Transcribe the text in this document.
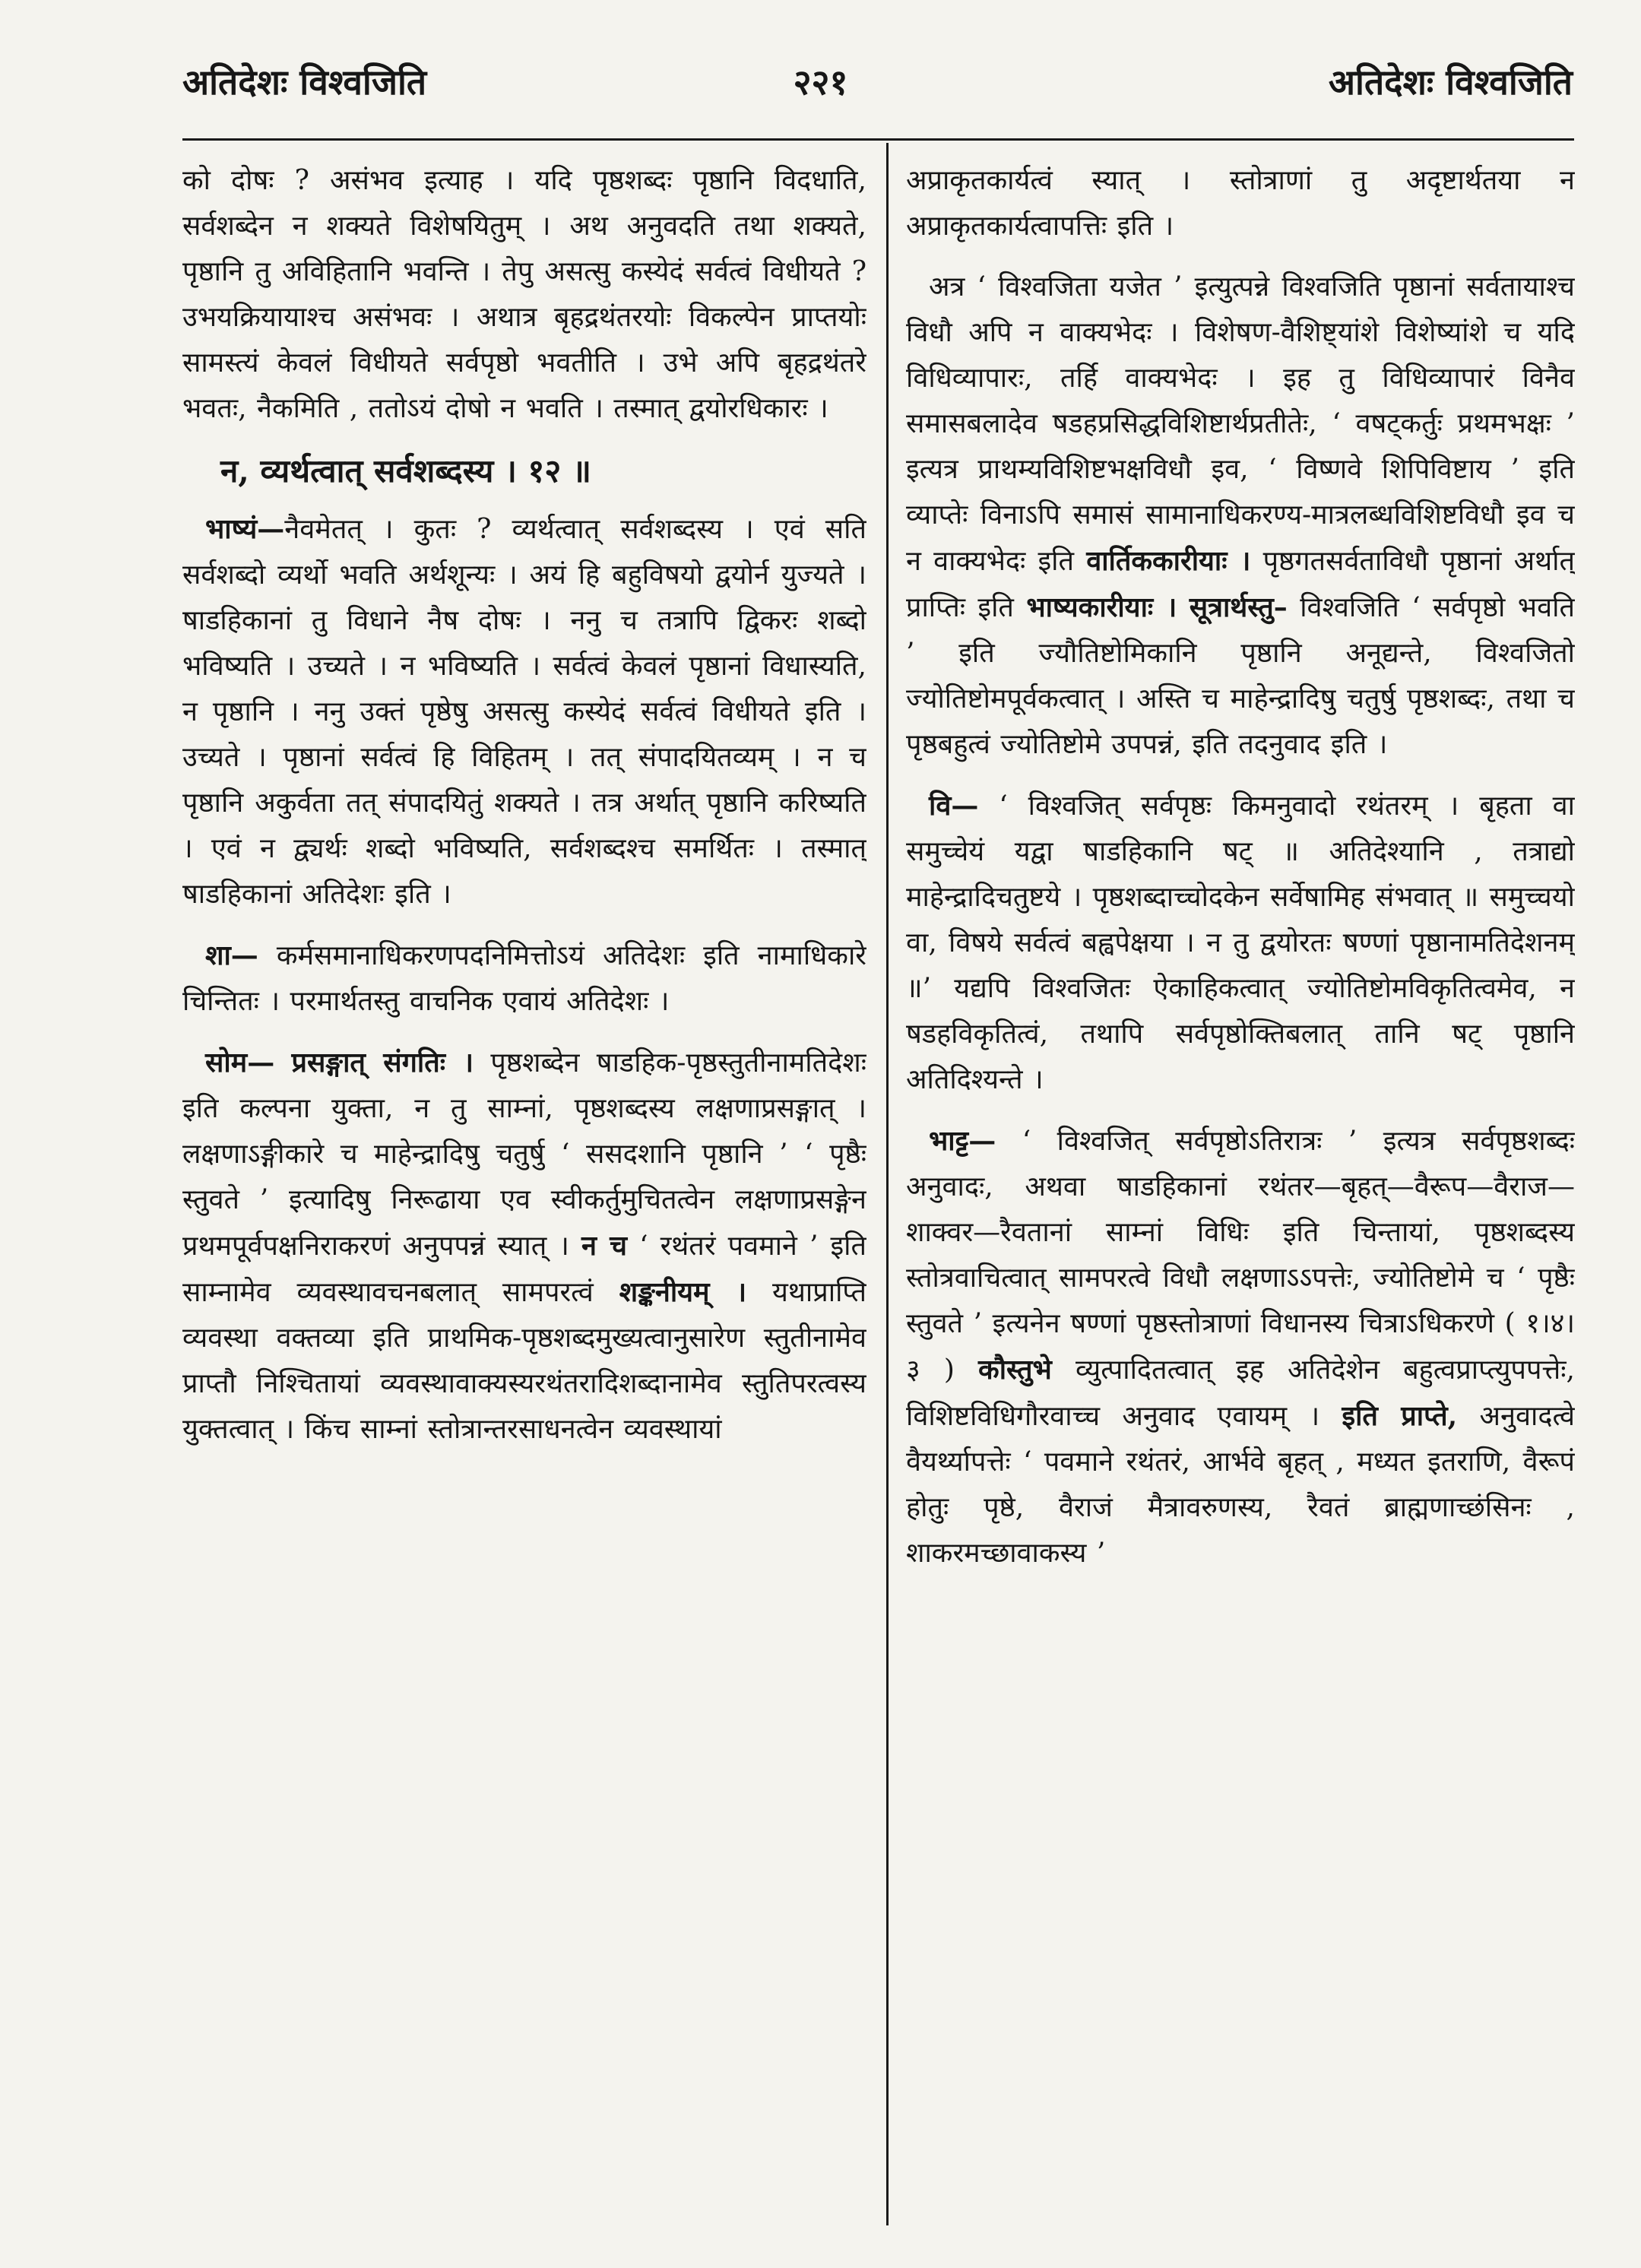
अतिदेशः विश्वजिति	२२१	अतिदेशः विश्वजिति

को दोषः ? असंभव इत्याह । यदि पृष्ठशब्दः पृष्ठानि विदधाति, सर्वशब्देन न शक्यते विशेषयितुम् । अथ अनुवदति तथा शक्यते, पृष्ठानि तु अविहितानि भवन्ति । तेपु असत्सु कस्येदं सर्वत्वं विधीयते ? उभयक्रियायाश्च असंभवः । अथात्र बृहद्रथंतरयोः विकल्पेन प्राप्तयोः सामस्त्यं केवलं विधीयते सर्वपृष्ठो भवतीति । उभे अपि बृहद्रथंतरे भवतः, नैकमिति , ततोऽयं दोषो न भवति । तस्मात् द्वयोरधिकारः ।

न, व्यर्थत्वात् सर्वशब्दस्य । १२ ॥

भाष्यं—नैवमेतत् । कुतः ? व्यर्थत्वात् सर्वशब्दस्य । एवं सति सर्वशब्दो व्यर्थो भवति अर्थशून्यः । अयं हि बहुविषयो द्वयोर्न युज्यते । षाडहिकानां तु विधाने नैष दोषः । ननु च तत्रापि द्विकरः शब्दो भविष्यति । उच्यते । न भविष्यति । सर्वत्वं केवलं पृष्ठानां विधास्यति, न पृष्ठानि । ननु उक्तं पृष्ठेषु असत्सु कस्येदं सर्वत्वं विधीयते इति । उच्यते । पृष्ठानां सर्वत्वं हि विहितम् । तत् संपादयितव्यम् । न च पृष्ठानि अकुर्वता तत् संपादयितुं शक्यते । तत्र अर्थात् पृष्ठानि करिष्यति । एवं न द्व्यर्थः शब्दो भविष्यति, सर्वशब्दश्च समर्थितः । तस्मात् षाडहिकानां अतिदेशः इति ।

शा— कर्मसमानाधिकरणपदनिमित्तोऽयं अतिदेशः इति नामाधिकारे चिन्तितः । परमार्थतस्तु वाचनिक एवायं अतिदेशः ।

सोम— प्रसङ्गात् संगतिः । पृष्ठशब्देन षाडहिक-पृष्ठस्तुतीनामतिदेशः इति कल्पना युक्ता, न तु साम्नां, पृष्ठशब्दस्य लक्षणाप्रसङ्गात् । लक्षणाऽङ्गीकारे च माहेन्द्रादिषु चतुर्षु ‘ ससदशानि पृष्ठानि ’ ‘ पृष्ठैः स्तुवते ’ इत्यादिषु निरूढाया एव स्वीकर्तुमुचितत्वेन लक्षणाप्रसङ्गेन प्रथमपूर्वपक्षनिराकरणं अनुपपन्नं स्यात् । न च ‘ रथंतरं पवमाने ’ इति साम्नामेव व्यवस्थावचनबलात् सामपरत्वं शङ्कनीयम् । यथाप्राप्ति व्यवस्था वक्तव्या इति प्राथमिक-पृष्ठशब्दमुख्यत्वानुसारेण स्तुतीनामेव प्राप्तौ निश्चितायां व्यवस्थावाक्यस्यरथंतरादिशब्दानामेव स्तुतिपरत्वस्य युक्तत्वात् । किंच साम्नां स्तोत्रान्तरसाधनत्वेन व्यवस्थायां

अप्राकृतकार्यत्वं स्यात् । स्तोत्राणां तु अदृष्टार्थतया न अप्राकृतकार्यत्वापत्तिः इति ।

अत्र ‘ विश्वजिता यजेत ’ इत्युत्पन्ने विश्वजिति पृष्ठानां सर्वतायाश्च विधौ अपि न वाक्यभेदः । विशेषण-वैशिष्ट्यांशे विशेष्यांशे च यदि विधिव्यापारः, तर्हि वाक्यभेदः । इह तु विधिव्यापारं विनैव समासबलादेव षडहप्रसिद्धविशिष्टार्थप्रतीतेः, ‘ वषट्कर्तुः प्रथमभक्षः ’ इत्यत्र प्राथम्यविशिष्टभक्षविधौ इव, ‘ विष्णवे शिपिविष्टाय ’ इति व्याप्तेः विनाऽपि समासं सामानाधिकरण्य-मात्रलब्धविशिष्टविधौ इव च न वाक्यभेदः इति वार्तिककारीयाः । पृष्ठगतसर्वताविधौ पृष्ठानां अर्थात् प्राप्तिः इति भाष्यकारीयाः । सूत्रार्थस्तु– विश्वजिति ‘ सर्वपृष्ठो भवति ’ इति ज्यौतिष्टोमिकानि पृष्ठानि अनूद्यन्ते, विश्वजितो ज्योतिष्टोमपूर्वकत्वात् । अस्ति च माहेन्द्रादिषु चतुर्षु पृष्ठशब्दः, तथा च पृष्ठबहुत्वं ज्योतिष्टोमे उपपन्नं, इति तदनुवाद इति ।

वि— ‘ विश्वजित् सर्वपृष्ठः किमनुवादो रथंतरम् । बृहता वा समुच्चेयं यद्वा षाडहिकानि षट् ॥ अतिदेश्यानि , तत्राद्यो माहेन्द्रादिचतुष्टये । पृष्ठशब्दाच्चोदकेन सर्वेषामिह संभवात् ॥ समुच्चयो वा, विषये सर्वत्वं बह्वपेक्षया । न तु द्वयोरतः षण्णां पृष्ठानामतिदेशनम् ॥’ यद्यपि विश्वजितः ऐकाहिकत्वात् ज्योतिष्टोमविकृतित्वमेव, न षडहविकृतित्वं, तथापि सर्वपृष्ठोक्तिबलात् तानि षट् पृष्ठानि अतिदिश्यन्ते ।

भाट्ट— ‘ विश्वजित् सर्वपृष्ठोऽतिरात्रः ’ इत्यत्र सर्वपृष्ठशब्दः अनुवादः, अथवा षाडहिकानां रथंतर—बृहत्—वैरूप—वैराज—शाक्वर—रैवतानां साम्नां विधिः इति चिन्तायां, पृष्ठशब्दस्य स्तोत्रवाचित्वात् सामपरत्वे विधौ लक्षणाऽऽपत्तेः, ज्योतिष्टोमे च ‘ पृष्ठैः स्तुवते ’ इत्यनेन षण्णां पृष्ठस्तोत्राणां विधानस्य चित्राऽधिकरणे ( १।४।३ ) कौस्तुभे व्युत्पादितत्वात् इह अतिदेशेन बहुत्वप्राप्त्युपपत्तेः, विशिष्टविधिगौरवाच्च अनुवाद एवायम् । इति प्राप्ते, अनुवादत्वे वैयर्थ्यापत्तेः ‘ पवमाने रथंतरं, आर्भवे बृहत् , मध्यत इतराणि, वैरूपं होतुः पृष्ठे, वैराजं मैत्रावरुणस्य, रैवतं ब्राह्मणाच्छंसिनः , शाकरमच्छावाकस्य ’
